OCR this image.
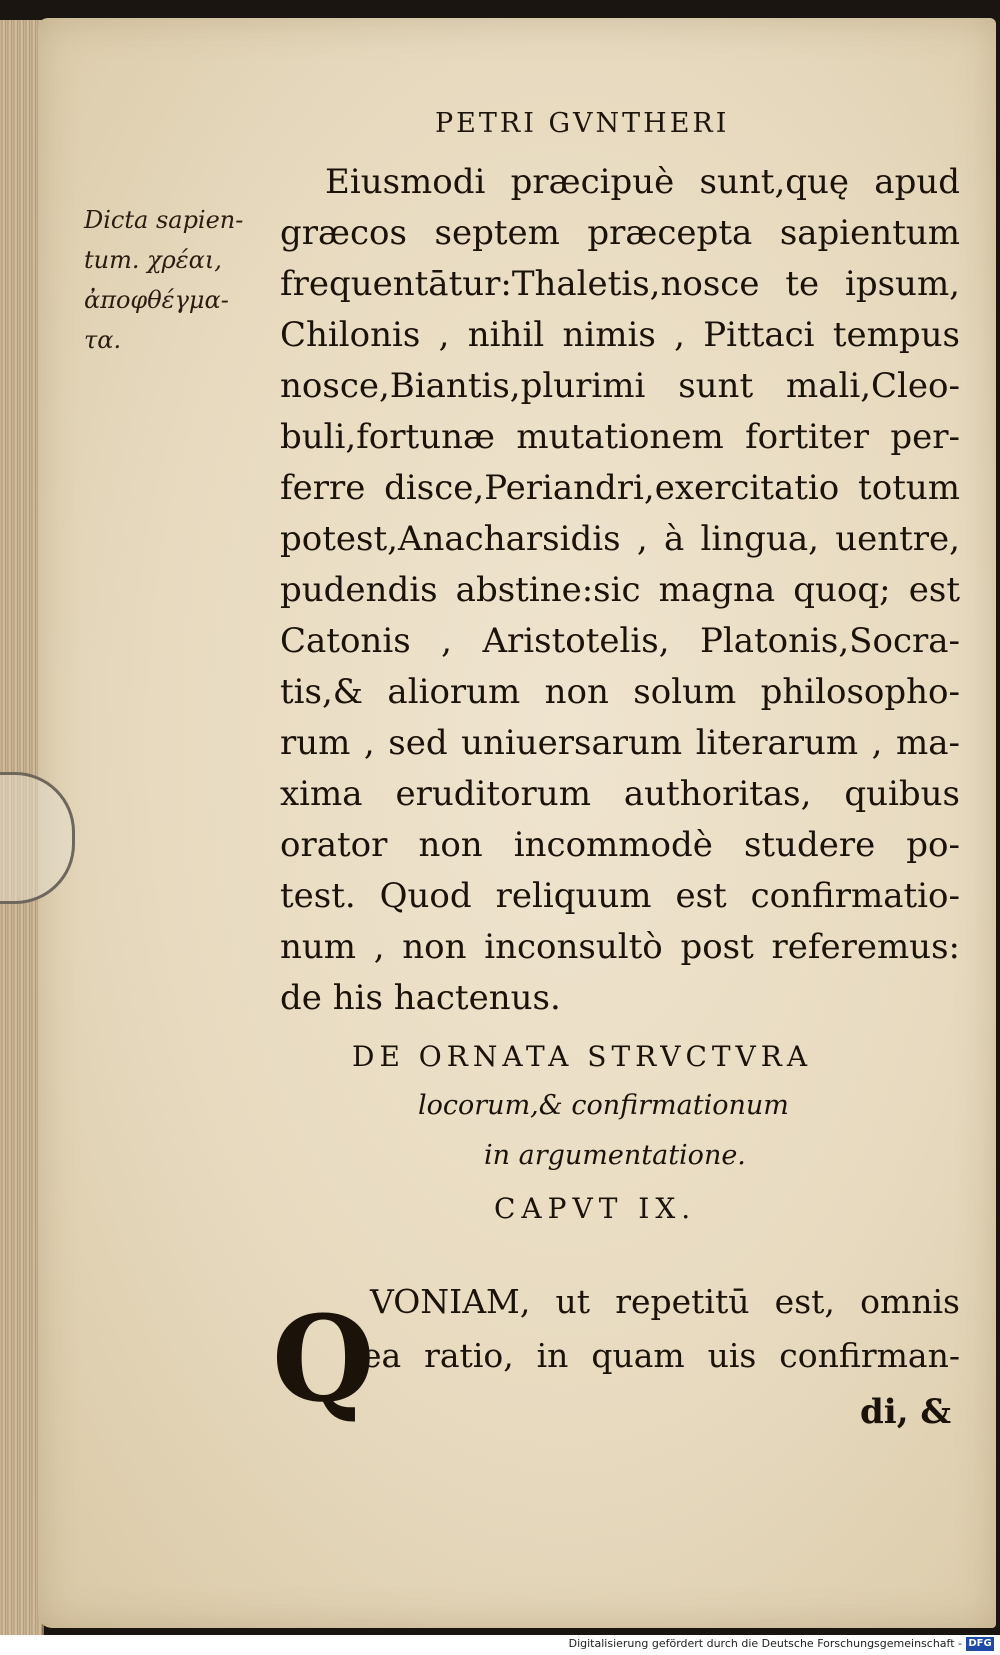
PETRI GVNTHERI
Dicta sapien-
tum. χρέαι,
ἀποφθέγμα-
τα.

Eiusmodi præcipuè sunt,quę apud

græcos septem præcepta sapientum

frequentātur:Thaletis,nosce te ipsum,

Chilonis , nihil nimis , Pittaci tempus

nosce,Biantis,plurimi sunt mali,Cleo-

buli,fortunæ mutationem fortiter per-

ferre disce,Periandri,exercitatio totum

potest,Anacharsidis , à lingua, uentre,

pudendis abstine:sic magna quoq; est

Catonis , Aristotelis, Platonis,Socra-

tis,& aliorum non solum philosopho-

rum , sed uniuersarum literarum , ma-

xima eruditorum authoritas, quibus

orator non incommodè studere po-

test. Quod reliquum est confirmatio-

num , non inconsultò post referemus:

de his hactenus.

DE ORNATA STRVCTVRA

locorum,& confirmationum

in argumentatione.

CAPVT IX.
Q

VONIAM, ut repetitū est, omnis

ea ratio, in quam uis confirman-

di, &

Digitalisierung gefördert durch die Deutsche Forschungsgemeinschaft - DFG
